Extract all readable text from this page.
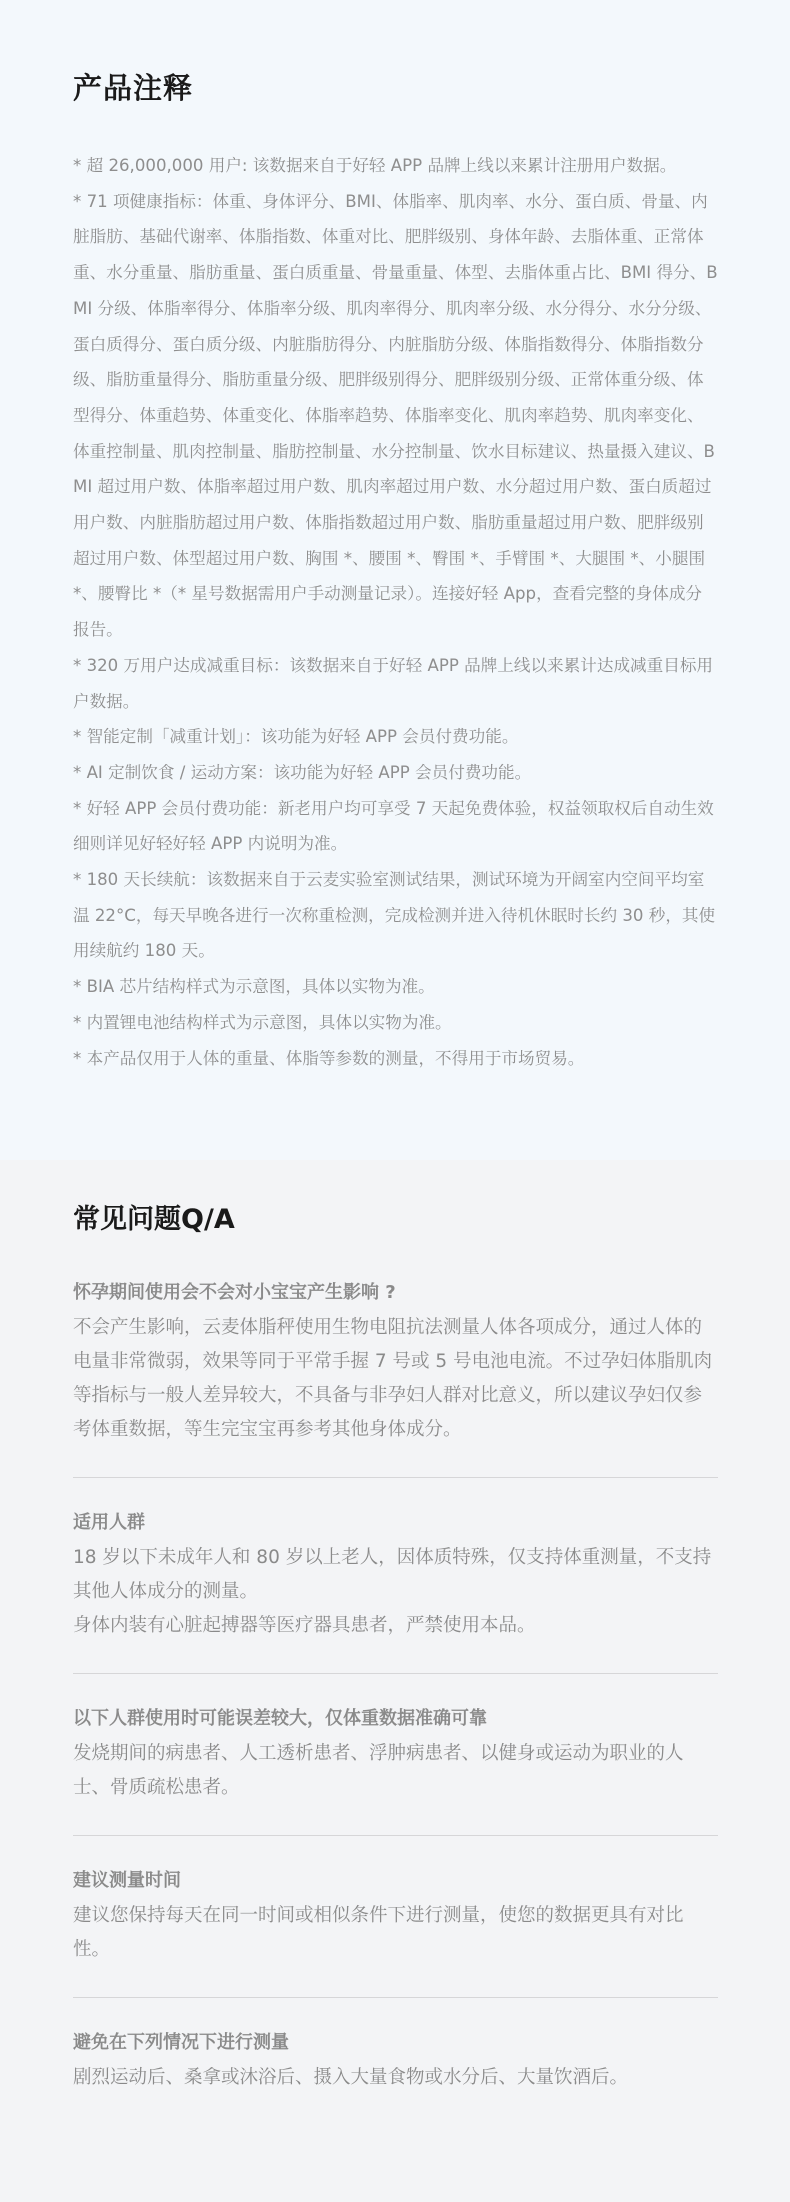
产品注释

* 超 26,000,000 用户: 该数据来自于好轻 APP 品牌上线以来累计注册用户数据。

* 71 项健康指标：体重、身体评分、BMI、体脂率、肌肉率、水分、蛋白质、骨量、内脏脂肪、基础代谢率、体脂指数、体重对比、肥胖级别、身体年龄、去脂体重、正常体重、水分重量、脂肪重量、蛋白质重量、骨量重量、体型、去脂体重占比、BMI 得分、BMI 分级、体脂率得分、体脂率分级、肌肉率得分、肌肉率分级、水分得分、水分分级、蛋白质得分、蛋白质分级、内脏脂肪得分、内脏脂肪分级、体脂指数得分、体脂指数分级、脂肪重量得分、脂肪重量分级、肥胖级别得分、肥胖级别分级、正常体重分级、体型得分、体重趋势、体重变化、体脂率趋势、体脂率变化、肌肉率趋势、肌肉率变化、体重控制量、肌肉控制量、脂肪控制量、水分控制量、饮水目标建议、热量摄入建议、BMI 超过用户数、体脂率超过用户数、肌肉率超过用户数、水分超过用户数、蛋白质超过用户数、内脏脂肪超过用户数、体脂指数超过用户数、脂肪重量超过用户数、肥胖级别超过用户数、体型超过用户数、胸围 *、腰围 *、臀围 *、手臂围 *、大腿围 *、小腿围 *、腰臀比 *（* 星号数据需用户手动测量记录）。连接好轻 App，查看完整的身体成分报告。

* 320 万用户达成减重目标：该数据来自于好轻 APP 品牌上线以来累计达成减重目标用户数据。

* 智能定制「减重计划」：该功能为好轻 APP 会员付费功能。

* AI 定制饮食 / 运动方案：该功能为好轻 APP 会员付费功能。

* 好轻 APP 会员付费功能：新老用户均可享受 7 天起免费体验，权益领取权后自动生效细则详见好轻好轻 APP 内说明为准。

* 180 天长续航：该数据来自于云麦实验室测试结果，测试环境为开阔室内空间平均室温 22°C，每天早晚各进行一次称重检测，完成检测并进入待机休眠时长约 30 秒，其使用续航约 180 天。

* BIA 芯片结构样式为示意图，具体以实物为准。

* 内置锂电池结构样式为示意图，具体以实物为准。

* 本产品仅用于人体的重量、体脂等参数的测量，不得用于市场贸易。

常见问题Q/A

怀孕期间使用会不会对小宝宝产生影响 ?

不会产生影响，云麦体脂秤使用生物电阻抗法测量人体各项成分，通过人体的电量非常微弱，效果等同于平常手握 7 号或 5 号电池电流。不过孕妇体脂肌肉等指标与一般人差异较大，不具备与非孕妇人群对比意义，所以建议孕妇仅参考体重数据，等生完宝宝再参考其他身体成分。

适用人群

18 岁以下未成年人和 80 岁以上老人，因体质特殊，仅支持体重测量，不支持其他人体成分的测量。

身体内装有心脏起搏器等医疗器具患者，严禁使用本品。

以下人群使用时可能误差较大，仅体重数据准确可靠

发烧期间的病患者、人工透析患者、浮肿病患者、以健身或运动为职业的人士、骨质疏松患者。

建议测量时间

建议您保持每天在同一时间或相似条件下进行测量，使您的数据更具有对比性。

避免在下列情况下进行测量

剧烈运动后、桑拿或沐浴后、摄入大量食物或水分后、大量饮酒后。
